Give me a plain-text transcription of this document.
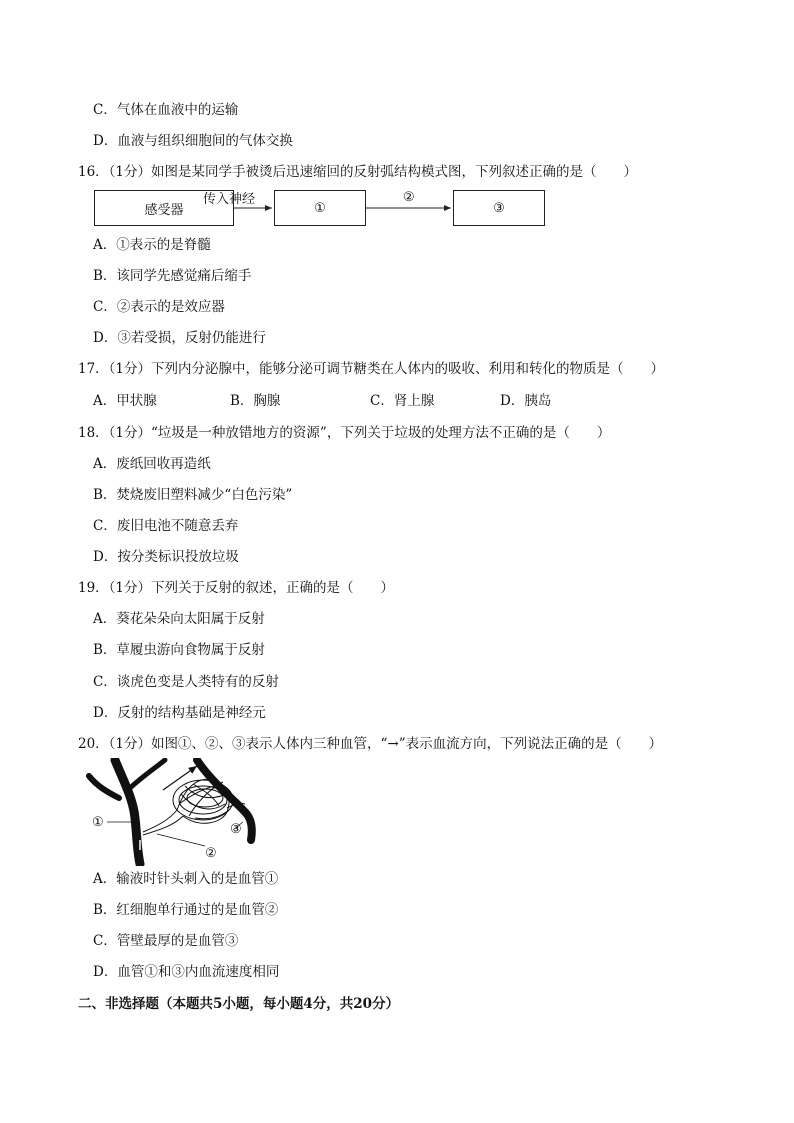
C．气体在血液中的运输
D．血液与组织细胞间的气体交换
16．（1分）如图是某同学手被烫后迅速缩回的反射弧结构模式图，下列叙述正确的是（　　）
感受器	①	③
传入神经	②
A．①表示的是脊髓
B．该同学先感觉痛后缩手
C．②表示的是效应器
D．③若受损，反射仍能进行
17．（1分）下列内分泌腺中，能够分泌可调节糖类在人体内的吸收、利用和转化的物质是（　　）
A．甲状腺	B．胸腺	C．肾上腺	D．胰岛
18．（1分）“垃圾是一种放错地方的资源”，下列关于垃圾的处理方法不正确的是（　　）
A．废纸回收再造纸
B．焚烧废旧塑料减少“白色污染”
C．废旧电池不随意丢弃
D．按分类标识投放垃圾
19．（1分）下列关于反射的叙述，正确的是（　　）
A．葵花朵朵向太阳属于反射
B．草履虫游向食物属于反射
C．谈虎色变是人类特有的反射
D．反射的结构基础是神经元
20．（1分）如图①、②、③表示人体内三种血管，“→”表示血流方向，下列说法正确的是（　　）
①
②
③
A．输液时针头刺入的是血管①
B．红细胞单行通过的是血管②
C．管壁最厚的是血管③
D．血管①和③内血流速度相同
二、非选择题（本题共5小题，每小题4分，共20分）
